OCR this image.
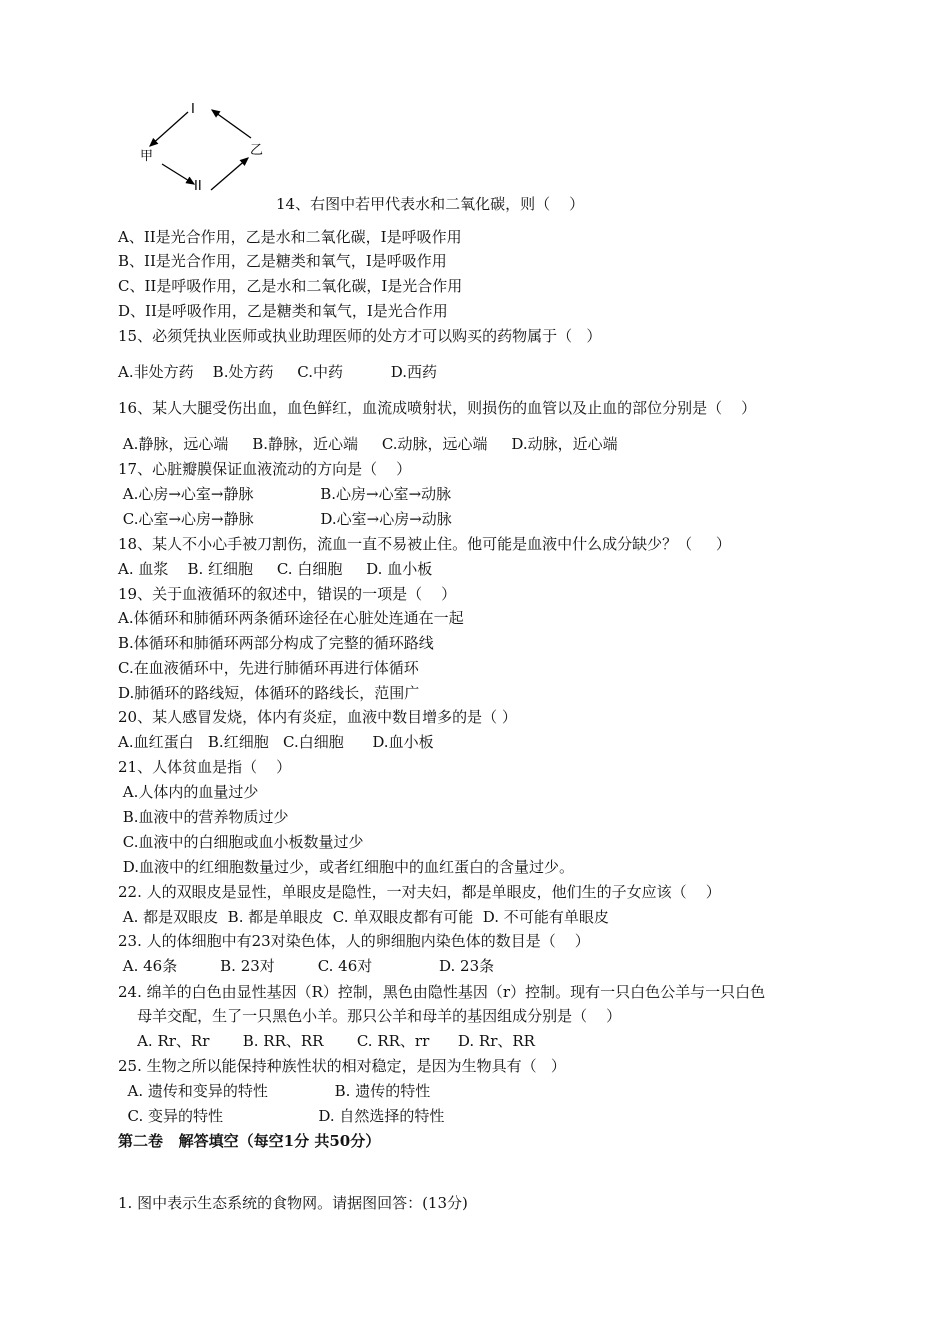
I
甲	乙
II
14、右图中若甲代表水和二氧化碳，则（    ）
A、II是光合作用，乙是水和二氧化碳，I是呼吸作用
B、II是光合作用，乙是糖类和氧气，I是呼吸作用
C、II是呼吸作用，乙是水和二氧化碳，I是光合作用
D、II是呼吸作用，乙是糖类和氧气，I是光合作用
15、必须凭执业医师或执业助理医师的处方才可以购买的药物属于（   ）
A.非处方药    B.处方药     C.中药          D.西药
16、某人大腿受伤出血，血色鲜红，血流成喷射状，则损伤的血管以及止血的部位分别是（    ）
A.静脉，远心端     B.静脉，近心端     C.动脉，远心端     D.动脉，近心端
17、心脏瓣膜保证血液流动的方向是（    ）
A.心房→心室→静脉              B.心房→心室→动脉
C.心室→心房→静脉              D.心室→心房→动脉
18、某人不小心手被刀割伤，流血一直不易被止住。他可能是血液中什么成分缺少？（     ）
A. 血浆    B. 红细胞     C. 白细胞     D. 血小板
19、关于血液循环的叙述中，错误的一项是（    ）
A.体循环和肺循环两条循环途径在心脏处连通在一起
B.体循环和肺循环两部分构成了完整的循环路线
C.在血液循环中，先进行肺循环再进行体循环
D.肺循环的路线短，体循环的路线长，范围广
20、某人感冒发烧，体内有炎症，血液中数目增多的是（ ）
A.血红蛋白   B.红细胞   C.白细胞      D.血小板
21、人体贫血是指（    ）
A.人体内的血量过少
B.血液中的营养物质过少
C.血液中的白细胞或血小板数量过少
D.血液中的红细胞数量过少，或者红细胞中的血红蛋白的含量过少。
22. 人的双眼皮是显性，单眼皮是隐性，一对夫妇，都是单眼皮，他们生的子女应该（    ）
A. 都是双眼皮  B. 都是单眼皮  C. 单双眼皮都有可能  D. 不可能有单眼皮
23. 人的体细胞中有23对染色体，人的卵细胞内染色体的数目是（    ）
A. 46条         B. 23对         C. 46对              D. 23条
24. 绵羊的白色由显性基因（R）控制，黑色由隐性基因（r）控制。现有一只白色公羊与一只白色
母羊交配，生了一只黑色小羊。那只公羊和母羊的基因组成分别是（    ）
A. Rr、Rr       B. RR、RR       C. RR、rr      D. Rr、RR
25. 生物之所以能保持种族性状的相对稳定，是因为生物具有（   ）
A. 遗传和变异的特性              B. 遗传的特性
C. 变异的特性                    D. 自然选择的特性
第二卷   解答填空（每空1分 共50分）
1. 图中表示生态系统的食物网。请据图回答：(13分)
